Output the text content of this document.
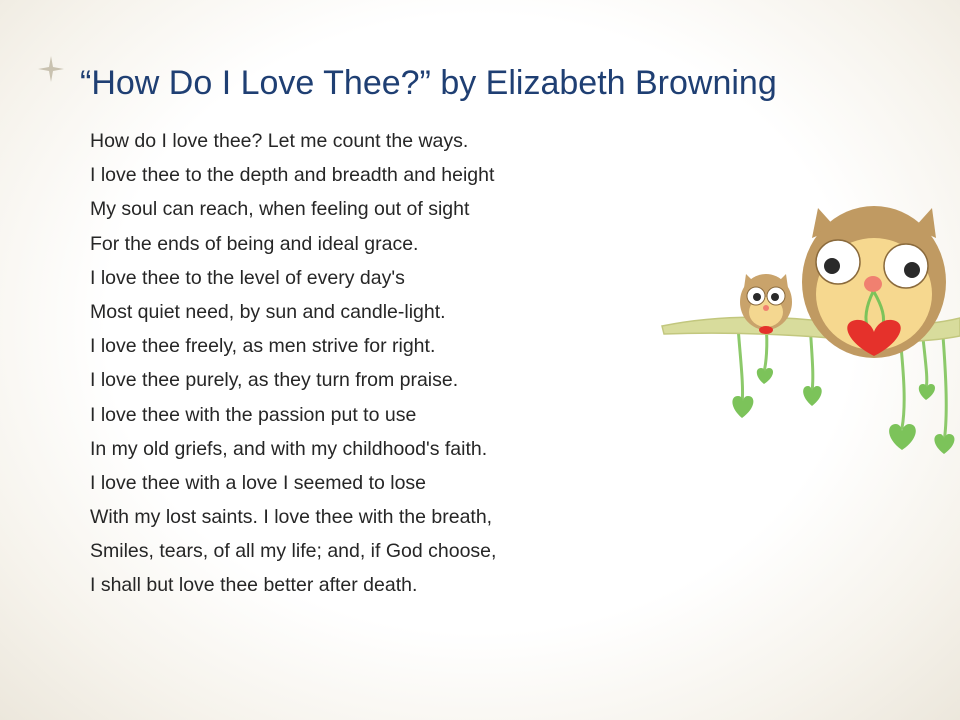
“How Do I Love Thee?” by Elizabeth Browning
How do I love thee? Let me count the ways.
I love thee to the depth and breadth and height
My soul can reach, when feeling out of sight
For the ends of being and ideal grace.
I love thee to the level of every day's
Most quiet need, by sun and candle-light.
I love thee freely, as men strive for right.
I love thee purely, as they turn from praise.
I love thee with the passion put to use
In my old griefs, and with my childhood's faith.
I love thee with a love I seemed to lose
With my lost saints. I love thee with the breath,
Smiles, tears, of all my life; and, if God choose,
I shall but love thee better after death.
